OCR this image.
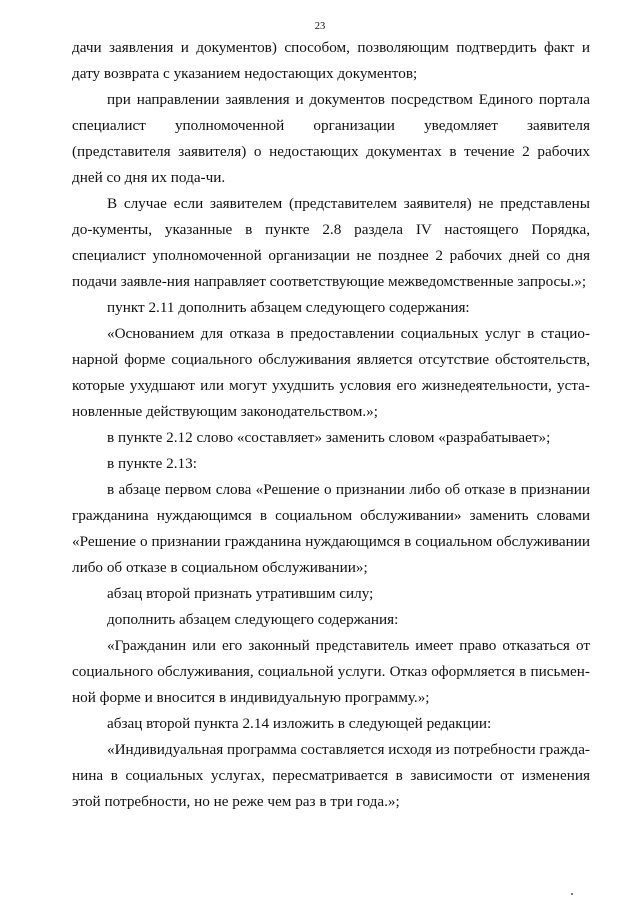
23

дачи заявления и документов) способом, позволяющим подтвердить факт и дату возврата с указанием недостающих документов;

при направлении заявления и документов посредством Единого портала специалист уполномоченной организации уведомляет заявителя (представителя заявителя) о недостающих документах в течение 2 рабочих дней со дня их пода-чи.

В случае если заявителем (представителем заявителя) не представлены до-кументы, указанные в пункте 2.8 раздела IV настоящего Порядка, специалист уполномоченной организации не позднее 2 рабочих дней со дня подачи заявле-ния направляет соответствующие межведомственные запросы.»;

пункт 2.11 дополнить абзацем следующего содержания:

«Основанием для отказа в предоставлении социальных услуг в стацио-нарной форме социального обслуживания является отсутствие обстоятельств, которые ухудшают или могут ухудшить условия его жизнедеятельности, уста-новленные действующим законодательством.»;

в пункте 2.12 слово «составляет» заменить словом «разрабатывает»;

в пункте 2.13:

в абзаце первом слова «Решение о признании либо об отказе в признании гражданина нуждающимся в социальном обслуживании» заменить словами «Решение о признании гражданина нуждающимся в социальном обслуживании либо об отказе в социальном обслуживании»;

абзац второй признать утратившим силу;

дополнить абзацем следующего содержания:

«Гражданин или его законный представитель имеет право отказаться от социального обслуживания, социальной услуги. Отказ оформляется в письмен-ной форме и вносится в индивидуальную программу.»;

абзац второй пункта 2.14 изложить в следующей редакции:

«Индивидуальная программа составляется исходя из потребности гражда-нина в социальных услугах, пересматривается в зависимости от изменения этой потребности, но не реже чем раз в три года.»;
